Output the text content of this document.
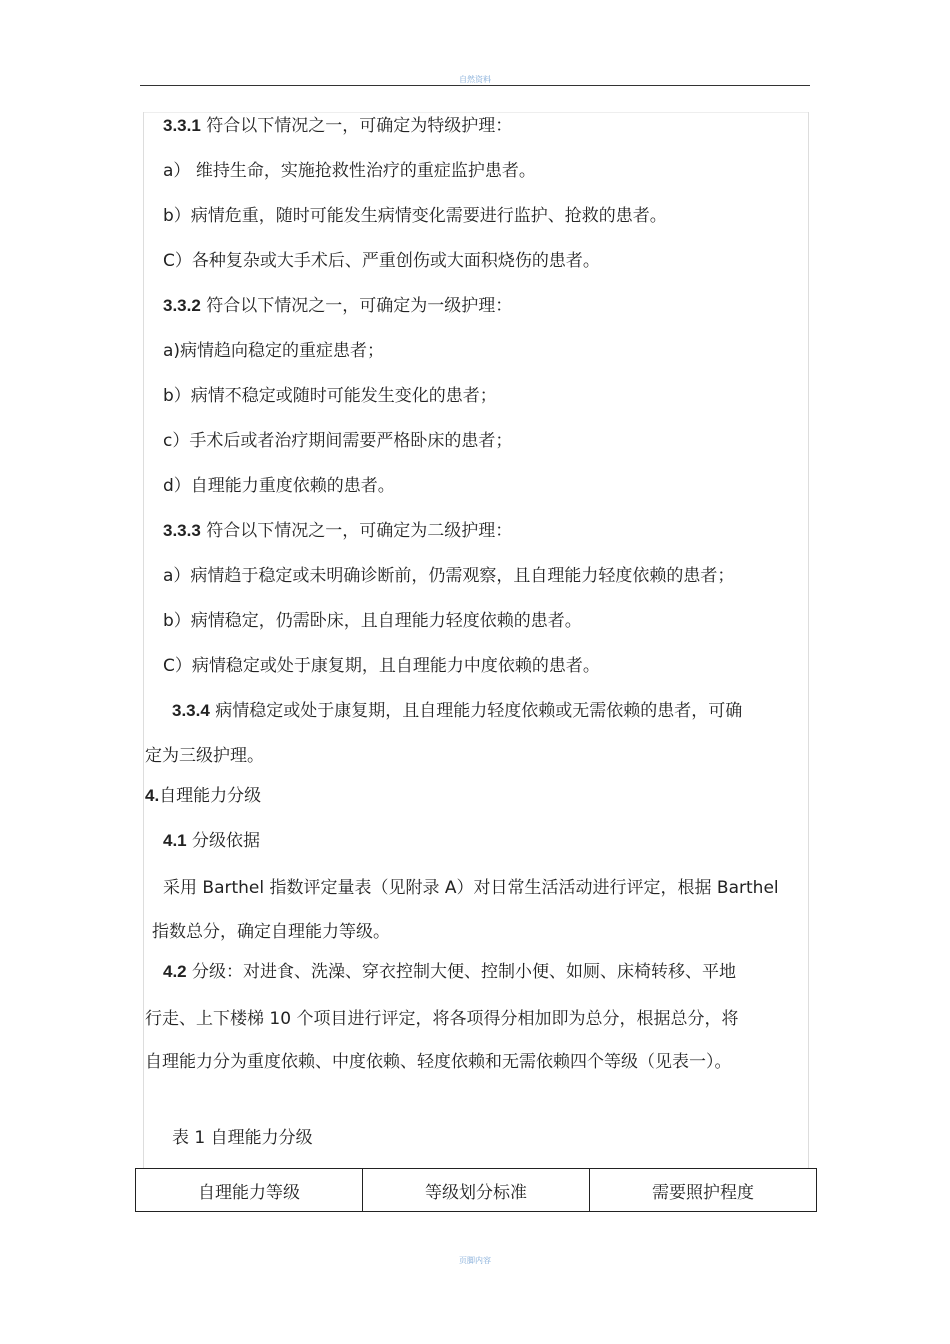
自然资料
3.3.1 符合以下情况之一，可确定为特级护理：
a） 维持生命，实施抢救性治疗的重症监护患者。
b）病情危重，随时可能发生病情变化需要进行监护、抢救的患者。
C）各种复杂或大手术后、严重创伤或大面积烧伤的患者。
3.3.2 符合以下情况之一，可确定为一级护理：
a)病情趋向稳定的重症患者；
b）病情不稳定或随时可能发生变化的患者；
c）手术后或者治疗期间需要严格卧床的患者；
d）自理能力重度依赖的患者。
3.3.3 符合以下情况之一，可确定为二级护理：
a）病情趋于稳定或未明确诊断前，仍需观察，且自理能力轻度依赖的患者；
b）病情稳定，仍需卧床，且自理能力轻度依赖的患者。
C）病情稳定或处于康复期，且自理能力中度依赖的患者。
3.3.4 病情稳定或处于康复期，且自理能力轻度依赖或无需依赖的患者，可确
定为三级护理。
4.自理能力分级
4.1 分级依据
采用 Barthel 指数评定量表（见附录 A）对日常生活活动进行评定，根据 Barthel
指数总分，确定自理能力等级。
4.2 分级：对进食、洗澡、穿衣控制大便、控制小便、如厕、床椅转移、平地
行走、上下楼梯 10 个项目进行评定，将各项得分相加即为总分，根据总分，将
自理能力分为重度依赖、中度依赖、轻度依赖和无需依赖四个等级（见表一）。
表 1 自理能力分级
自理能力等级	等级划分标准	需要照护程度
页脚内容
